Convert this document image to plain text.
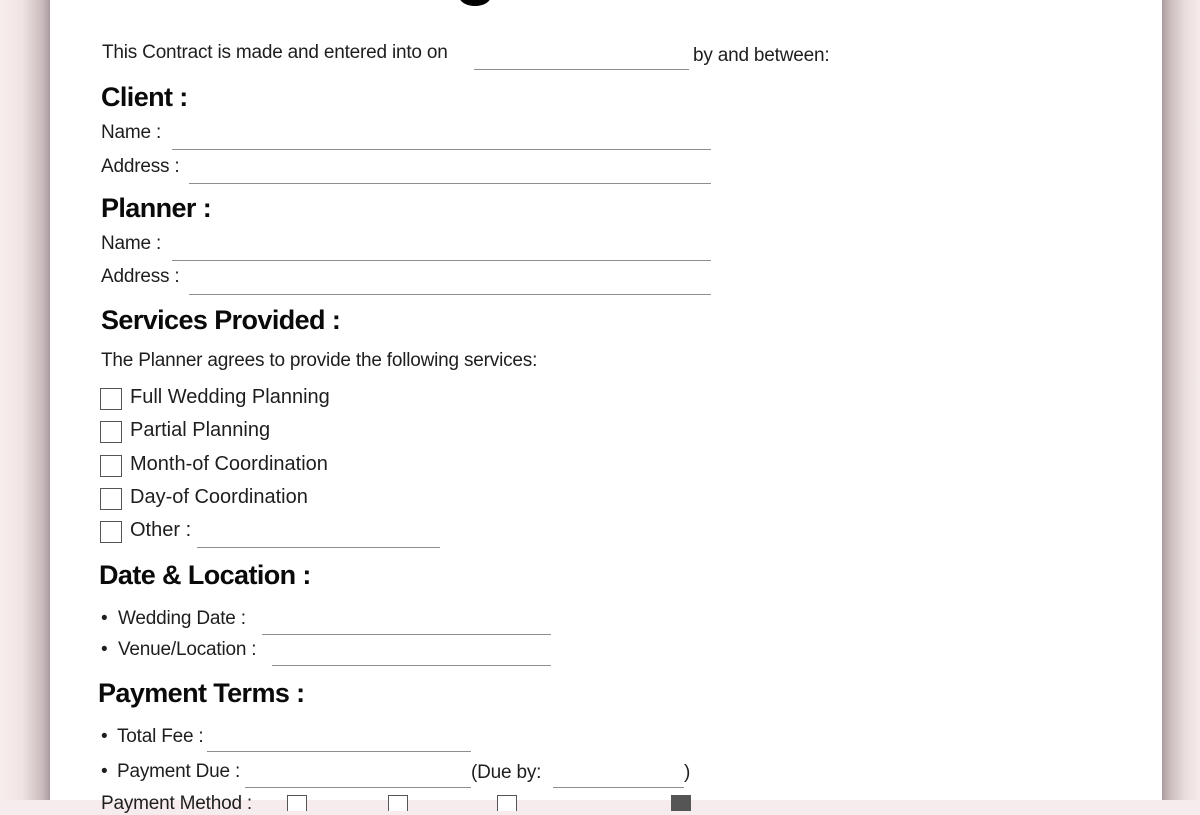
This Contract is made and entered into on	by and between:
Client :
Name :
Address :
Planner :
Name :
Address :
Services Provided :
The Planner agrees to provide the following services:
Full Wedding Planning
Partial Planning
Month-of Coordination
Day-of Coordination
Other :
Date & Location :
• Wedding Date :
• Venue/Location :
Payment Terms :
• Total Fee :
• Payment Due :	(Due by:	)
Payment Method :
